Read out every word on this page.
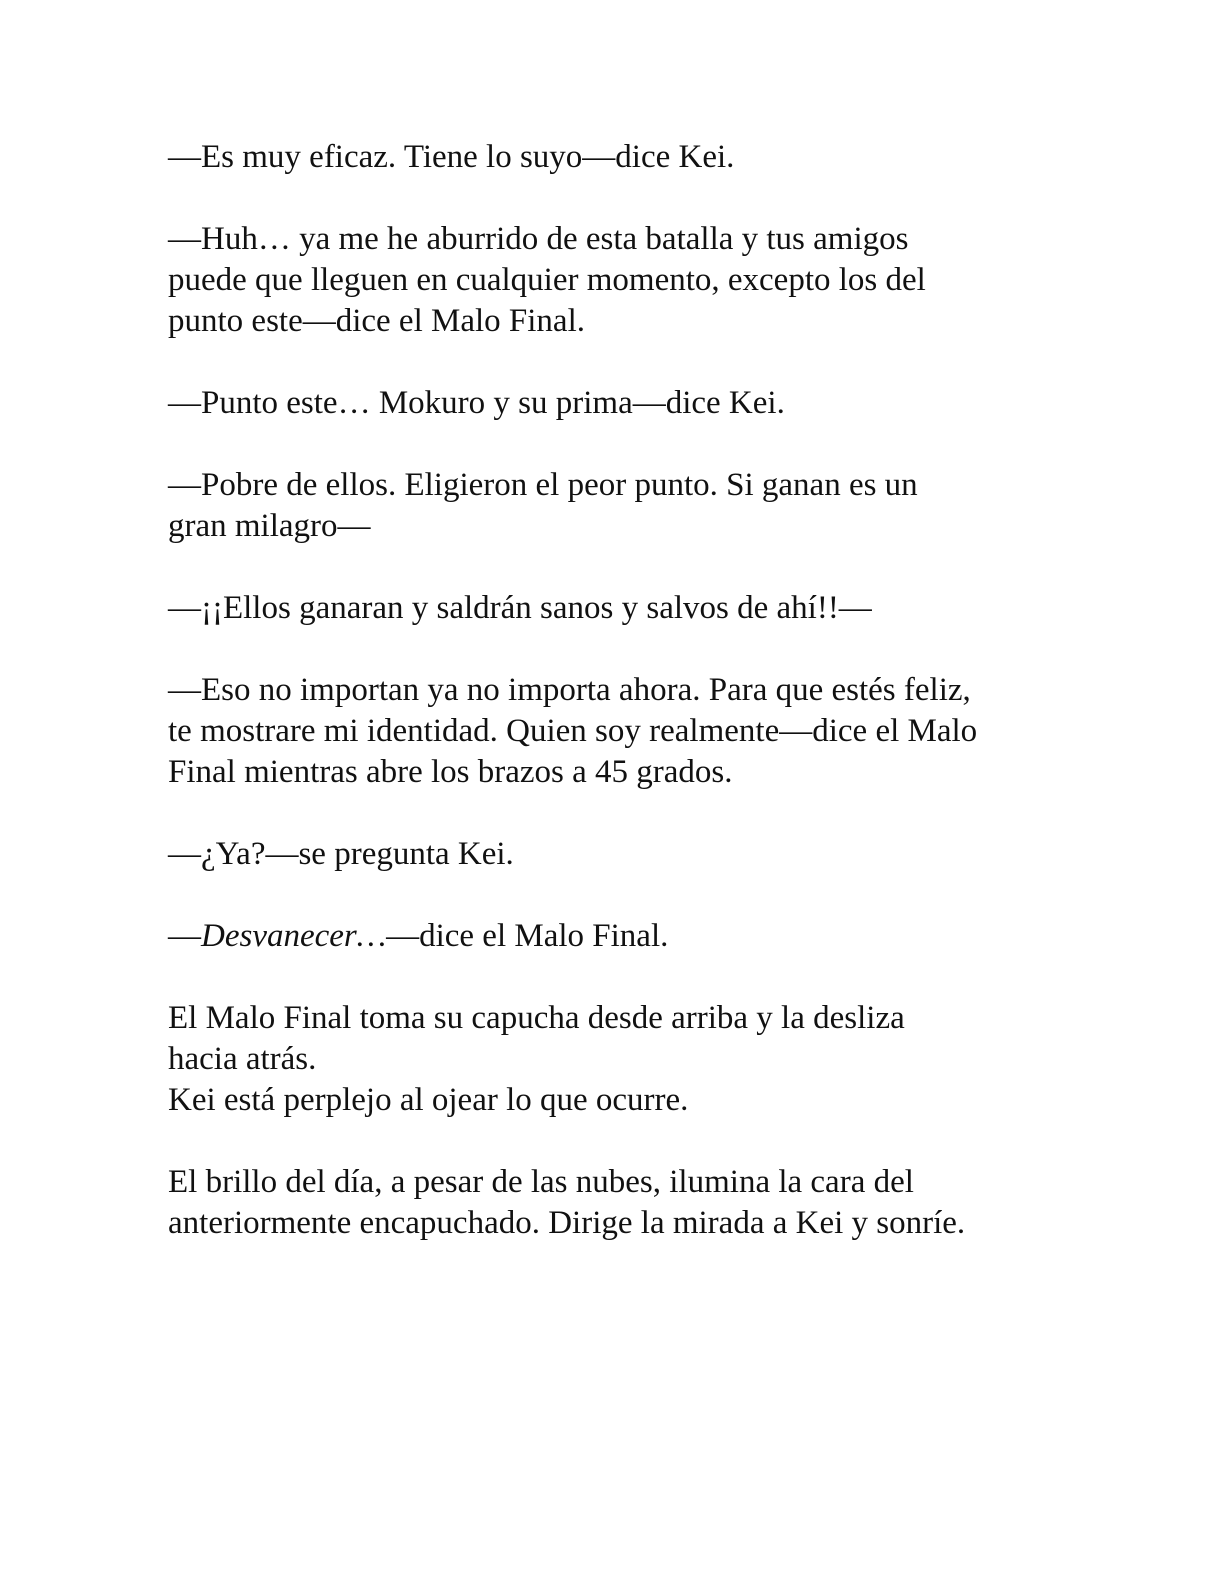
—Es muy eficaz. Tiene lo suyo—dice Kei.

—Huh… ya me he aburrido de esta batalla y tus amigos
puede que lleguen en cualquier momento, excepto los del
punto este—dice el Malo Final.

—Punto este… Mokuro y su prima—dice Kei.

—Pobre de ellos. Eligieron el peor punto. Si ganan es un
gran milagro—

—¡¡Ellos ganaran y saldrán sanos y salvos de ahí!!—

—Eso no importan ya no importa ahora. Para que estés feliz,
te mostrare mi identidad. Quien soy realmente—dice el Malo
Final mientras abre los brazos a 45 grados.

—¿Ya?—se pregunta Kei.

—Desvanecer…—dice el Malo Final.

El Malo Final toma su capucha desde arriba y la desliza
hacia atrás.
Kei está perplejo al ojear lo que ocurre.

El brillo del día, a pesar de las nubes, ilumina la cara del
anteriormente encapuchado. Dirige la mirada a Kei y sonríe.
